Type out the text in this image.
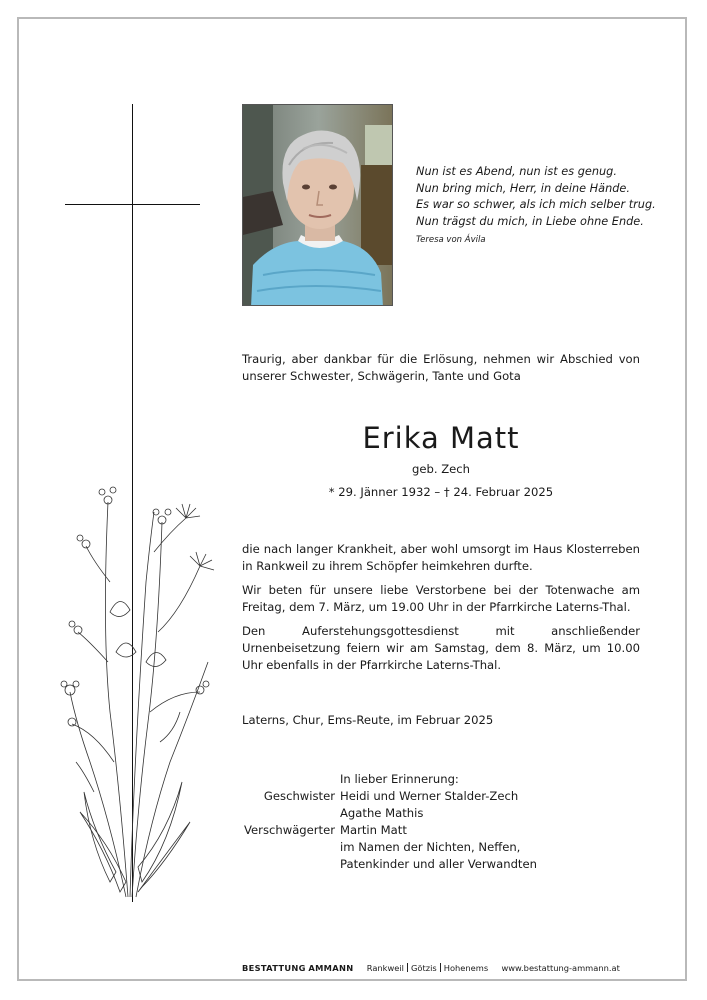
Nun ist es Abend, nun ist es genug.
Nun bring mich, Herr, in deine Hände.
Es war so schwer, als ich mich selber trug.
Nun trägst du mich, in Liebe ohne Ende.
Teresa von Ávila
Traurig, aber dankbar für die Erlösung, nehmen wir Abschied von unserer Schwester, Schwägerin, Tante und Gota
Erika Matt
geb. Zech
* 29. Jänner 1932 – † 24. Februar 2025

die nach langer Krankheit, aber wohl umsorgt im Haus Klosterreben in Rankweil zu ihrem Schöpfer heimkehren durfte.

Wir beten für unsere liebe Verstorbene bei der Totenwache am Freitag, dem 7. März, um 19.00 Uhr in der Pfarrkirche Laterns-Thal.

Den Auferstehungsgottesdienst mit anschließender Urnenbeisetzung feiern wir am Samstag, dem 8. März, um 10.00 Uhr ebenfalls in der Pfarrkirche Laterns-Thal.

Laterns, Chur, Ems-Reute, im Februar 2025
In lieber Erinnerung:
Geschwister Heidi und Werner Stalder-Zech
Agathe Mathis
Verschwägerter Martin Matt
im Namen der Nichten, Neffen,
Patenkinder und aller Verwandten
BESTATTUNG AMMANN Rankweil Götzis Hohenems www.bestattung-ammann.at
